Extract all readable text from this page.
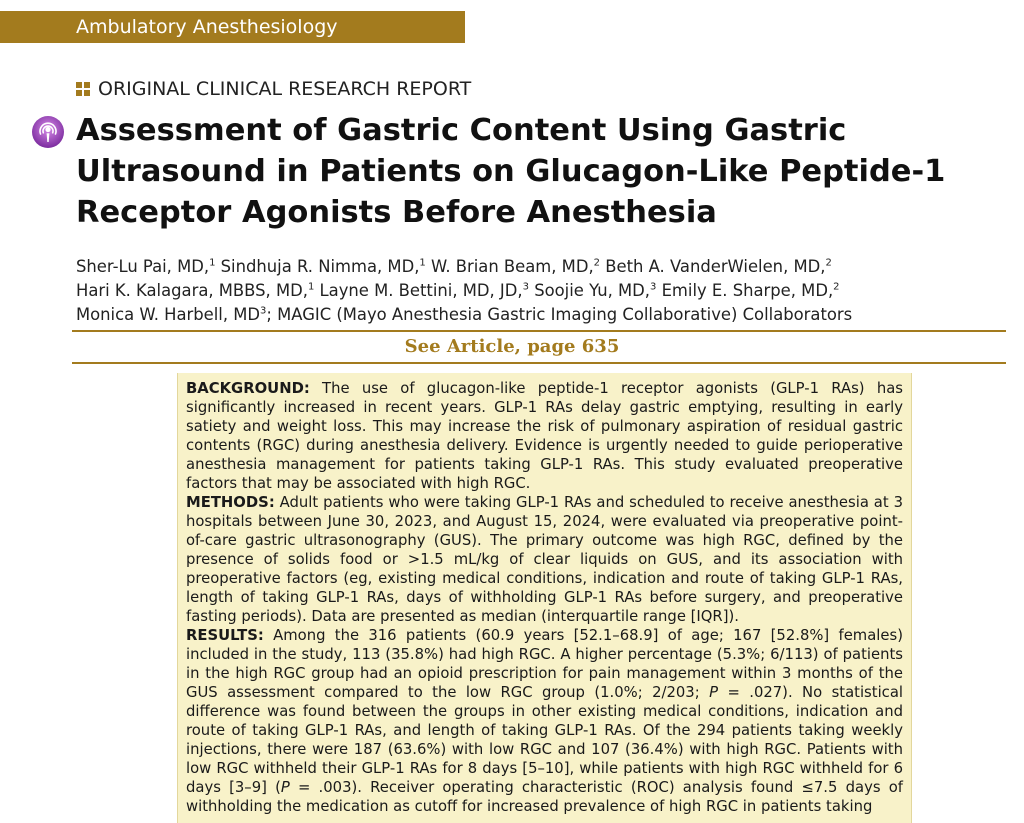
Ambulatory Anesthesiology
ORIGINAL CLINICAL RESEARCH REPORT
Assessment of Gastric Content Using Gastric Ultrasound in Patients on Glucagon-Like Peptide-1 Receptor Agonists Before Anesthesia
Sher-Lu Pai, MD,$^1$ Sindhuja R. Nimma, MD,$^1$ W. Brian Beam, MD,$^2$ Beth A. VanderWielen, MD,$^2$
Hari K. Kalagara, MBBS, MD,$^1$ Layne M. Bettini, MD, JD,$^3$ Soojie Yu, MD,$^3$ Emily E. Sharpe, MD,$^2$
Monica W. Harbell, $MD^3$; MAGIC (Mayo Anesthesia Gastric Imaging Collaborative) Collaborators
See Article, page 635

BACKGROUND: The use of glucagon-like peptide-1 receptor agonists (GLP-1 RAs) has significantly increased in recent years. GLP-1 RAs delay gastric emptying, resulting in early satiety and weight loss. This may increase the risk of pulmonary aspiration of residual gastric contents (RGC) during anesthesia delivery. Evidence is urgently needed to guide perioperative anesthesia management for patients taking GLP-1 RAs. This study evaluated preoperative factors that may be associated with high RGC.

METHODS: Adult patients who were taking GLP-1 RAs and scheduled to receive anesthesia at 3 hospitals between June 30, 2023, and August 15, 2024, were evaluated via preoperative point-of-care gastric ultrasonography (GUS). The primary outcome was high RGC, defined by the presence of solids food or >1.5 mL/kg of clear liquids on GUS, and its association with preoperative factors (eg, existing medical conditions, indication and route of taking GLP-1 RAs, length of taking GLP-1 RAs, days of withholding GLP-1 RAs before surgery, and preoperative fasting periods). Data are presented as median (interquartile range [IQR]).

RESULTS: Among the 316 patients (60.9 years [52.1–68.9] of age; 167 [52.8%] females) included in the study, 113 (35.8%) had high RGC. A higher percentage (5.3%; 6/113) of patients in the high RGC group had an opioid prescription for pain management within 3 months of the GUS assessment compared to the low RGC group (1.0%; 2/203; P = .027). No statistical difference was found between the groups in other existing medical conditions, indication and route of taking GLP-1 RAs, and length of taking GLP-1 RAs. Of the 294 patients taking weekly injections, there were 187 (63.6%) with low RGC and 107 (36.4%) with high RGC. Patients with low RGC withheld their GLP-1 RAs for 8 days [5–10], while patients with high RGC withheld for 6 days [3–9] (P = .003). Receiver operating characteristic (ROC) analysis found ≤7.5 days of withholding the medication as cutoff for increased prevalence of high RGC in patients taking
